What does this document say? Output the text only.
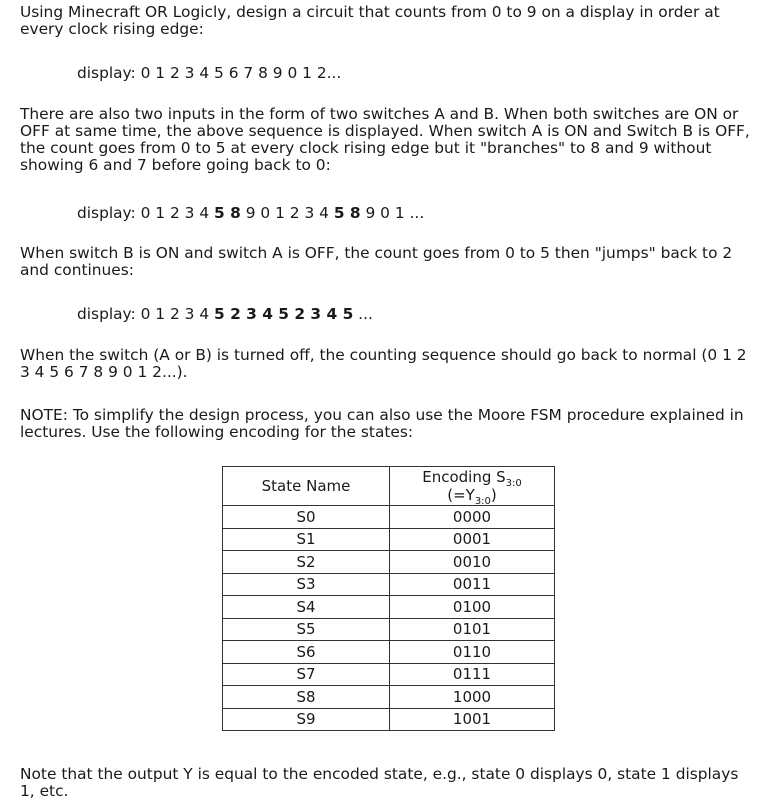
Using Minecraft OR Logicly, design a circuit that counts from 0 to 9 on a display in order at every clock rising edge:

display: 0 1 2 3 4 5 6 7 8 9 0 1 2...

There are also two inputs in the form of two switches A and B. When both switches are ON or OFF at same time, the above sequence is displayed. When switch A is ON and Switch B is OFF, the count goes from 0 to 5 at every clock rising edge but it "branches" to 8 and 9 without showing 6 and 7 before going back to 0:

display: 0 1 2 3 4 5 8 9 0 1 2 3 4 5 8 9 0 1 ...

When switch B is ON and switch A is OFF, the count goes from 0 to 5 then "jumps" back to 2 and continues:

display: 0 1 2 3 4 5 2 3 4 5 2 3 4 5 ...

When the switch (A or B) is turned off, the counting sequence should go back to normal (0 1 2 3 4 5 6 7 8 9 0 1 2...).

NOTE: To simplify the design process, you can also use the Moore FSM procedure explained in lectures. Use the following encoding for the states:

State Name	Encoding $S_{3:0}$
$(=Y_{3:0})$
S0	0000
S1	0001
S2	0010
S3	0011
S4	0100
S5	0101
S6	0110
S7	0111
S8	1000
S9	1001

Note that the output Y is equal to the encoded state, e.g., state 0 displays 0, state 1 displays 1, etc.
